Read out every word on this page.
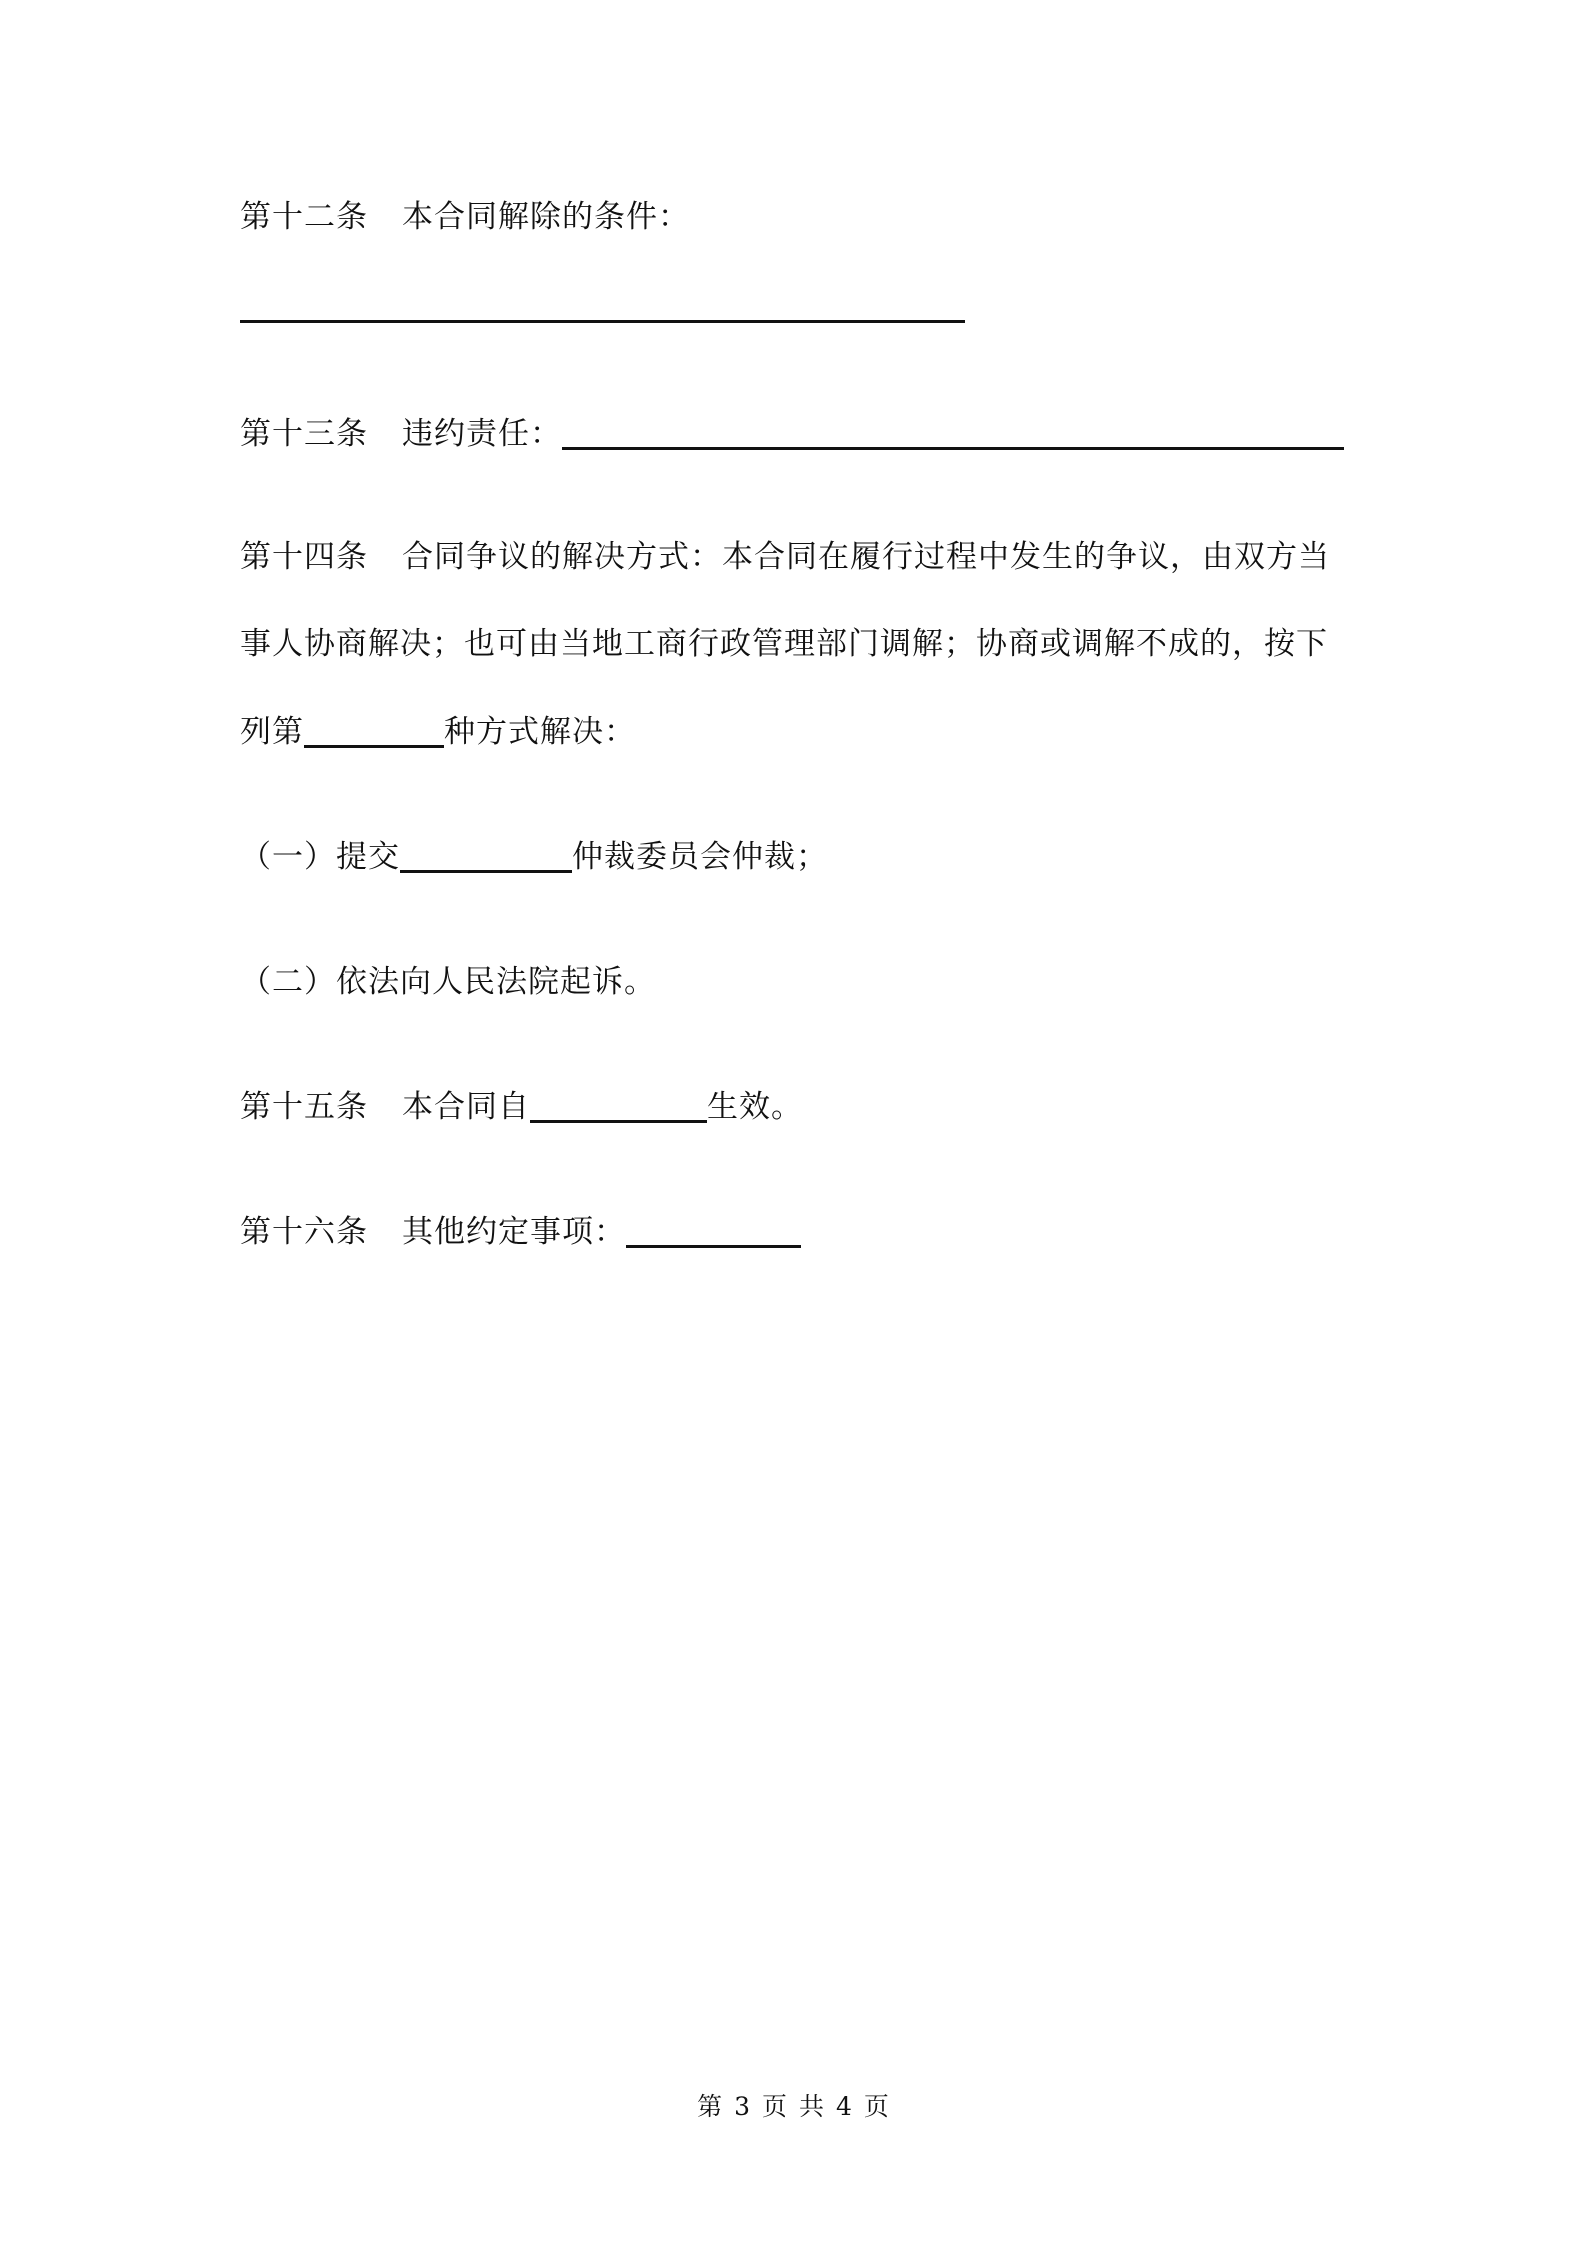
第十二条 本合同解除的条件：
第十三条 违约责任：
第十四条 合同争议的解决方式：本合同在履行过程中发生的争议，由双方当
事人协商解决；也可由当地工商行政管理部门调解；协商或调解不成的，按下
列第	种方式解决：
（一）提交	仲裁委员会仲裁；
（二）依法向人民法院起诉。
第十五条 本合同自	生效。
第十六条 其他约定事项：
第 3 页 共 4 页
